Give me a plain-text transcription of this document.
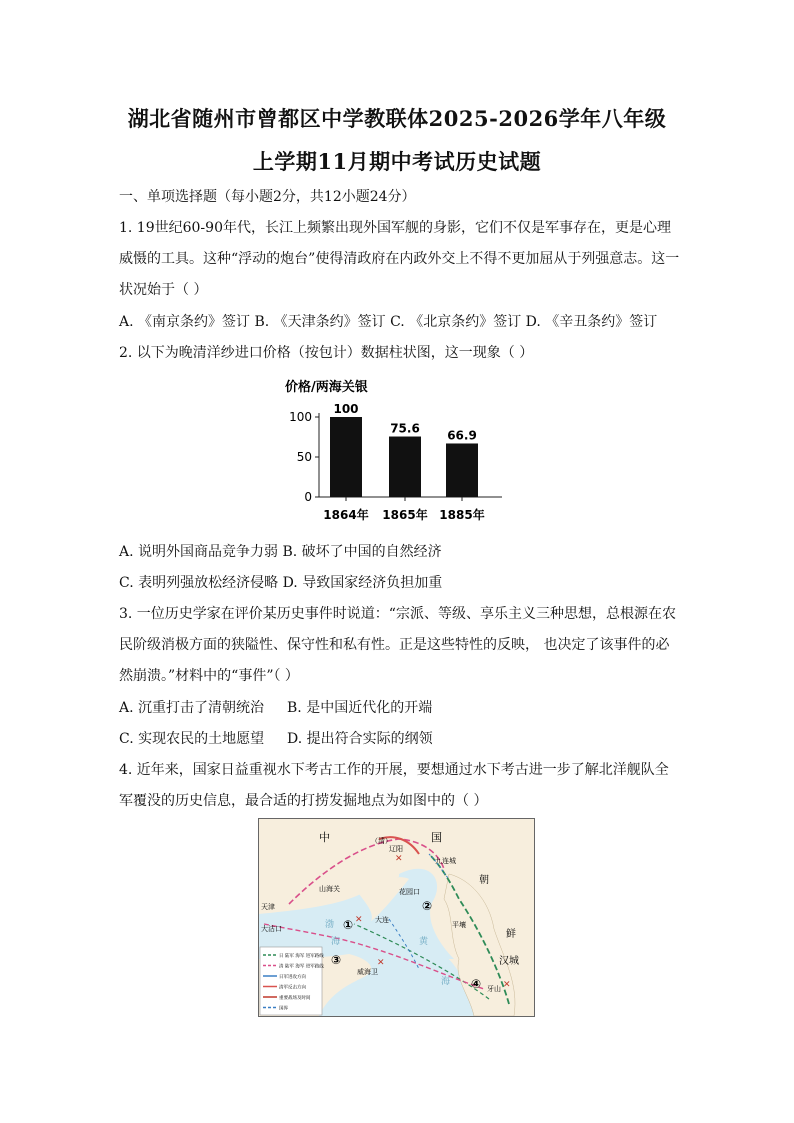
湖北省随州市曾都区中学教联体2025-2026学年八年级
上学期11月期中考试历史试题
一、单项选择题（每小题2分，共12小题24分）
1. 19世纪60-90年代，长江上频繁出现外国军舰的身影，它们不仅是军事存在，更是心理
威慑的工具。这种“浮动的炮台”使得清政府在内政外交上不得不更加屈从于列强意志。这一
状况始于（ ）
A. 《南京条约》签订 B. 《天津条约》签订 C. 《北京条约》签订 D. 《辛丑条约》签订
2. 以下为晚清洋纱进口价格（按包计）数据柱状图，这一现象（ ）
价格/两海关银
0
50
100
100
1864年
75.6
1865年
66.9
1885年
A. 说明外国商品竞争力弱 B. 破坏了中国的自然经济
C. 表明列强放松经济侵略 D. 导致国家经济负担加重
3. 一位历史学家在评价某历史事件时说道：“宗派、等级、享乐主义三种思想，总根源在农
民阶级消极方面的狭隘性、保守性和私有性。正是这些特性的反映， 也决定了该事件的必
然崩溃。”材料中的“事件”（ ）
A. 沉重打击了清朝统治 B. 是中国近代化的开端
C. 实现农民的土地愿望 D. 提出符合实际的纲领
4. 近年来，国家日益重视水下考古工作的开展，要想通过水下考古进一步了解北洋舰队全
军覆没的历史信息，最合适的打捞发掘地点为如图中的（ ）
中	（清）	国
辽阳
九连城
山海关	花园口
朝
天津
大沽口
大连
平壤
鲜
汉城
威海卫
牙山
渤
海	黄
海
①
②
③
④
✕
✕
✕
✕
日 陆军 海军 进军路线
清 陆军 海军 进军路线
日军进攻方向
清军反击方向
重要战场及时间
国界
